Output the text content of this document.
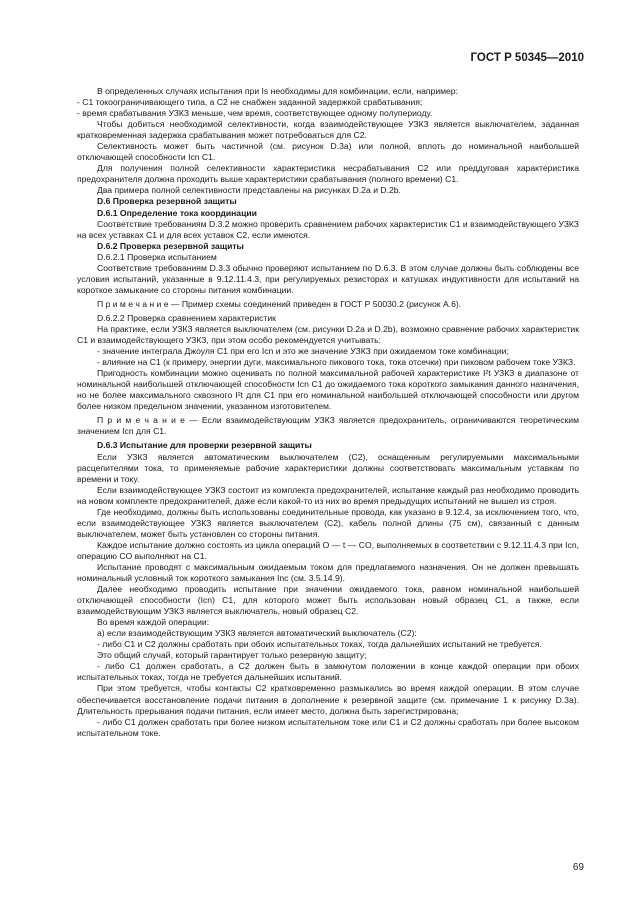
ГОСТ Р 50345—2010

В определенных случаях испытания при Is необходимы для комбинации, если, например:

- C1 токоограничивающего типа, а C2 не снабжен заданной задержкой срабатывания;

- время срабатывания УЗКЗ меньше, чем время, соответствующее одному полупериоду.

Чтобы добиться необходимой селективности, когда взаимодействующее УЗКЗ является выключателем, заданная кратковременная задержка срабатывания может потребоваться для C2.

Селективность может быть частичной (см. рисунок D.3a) или полной, вплоть до номинальной наибольшей отключающей способности Icn C1.

Для получения полной селективности характеристика несрабатывания C2 или преддуговая характеристика предохранителя должна проходить выше характеристики срабатывания (полного времени) C1.

Два примера полной селективности представлены на рисунках D.2a и D.2b.

D.6 Проверка резервной защиты

D.6.1 Определение тока координации

Соответствие требованиям D.3.2 можно проверить сравнением рабочих характеристик C1 и взаимодействующего УЗКЗ на всех уставках C1 и для всех уставок C2, если имеются.

D.6.2 Проверка резервной защиты

D.6.2.1 Проверка испытанием

Соответствие требованиям D.3.3 обычно проверяют испытанием по D.6.3. В этом случае должны быть соблюдены все условия испытаний, указанные в 9.12.11.4.3, при регулируемых резисторах и катушках индуктивности для испытаний на короткое замыкание со стороны питания комбинации.

П р и м е ч а н и е — Пример схемы соединений приведен в ГОСТ Р 50030.2 (рисунок А.6).

D.6.2.2 Проверка сравнением характеристик

На практике, если УЗКЗ является выключателем (см. рисунки D.2a и D.2b), возможно сравнение рабочих характеристик C1 и взаимодействующего УЗКЗ, при этом особо рекомендуется учитывать:

- значение интеграла Джоуля C1 при его Icn и это же значение УЗКЗ при ожидаемом токе комбинации;

- влияние на C1 (к примеру, энергии дуги, максимального пикового тока, тока отсечки) при пиковом рабочем токе УЗКЗ.

Пригодность комбинации можно оценивать по полной максимальной рабочей характеристике I²t УЗКЗ в диапазоне от номинальной наибольшей отключающей способности Icn C1 до ожидаемого тока короткого замыкания данного назначения, но не более максимального сквозного I²t для C1 при его номинальной наибольшей отключающей способности или другом более низком предельном значении, указанном изготовителем.

П р и м е ч а н и е — Если взаимодействующим УЗКЗ является предохранитель, ограничиваются теоретическим значением Icn для C1.

D.6.3 Испытание для проверки резервной защиты

Если УЗКЗ является автоматическим выключателем (C2), оснащенным регулируемыми максимальными расцепителями тока, то применяемые рабочие характеристики должны соответствовать максимальным уставкам по времени и току.

Если взаимодействующее УЗКЗ состоит из комплекта предохранителей, испытание каждый раз необходимо проводить на новом комплекте предохранителей, даже если какой-то из них во время предыдущих испытаний не вышел из строя.

Где необходимо, должны быть использованы соединительные провода, как указано в 9.12.4, за исключением того, что, если взаимодействующее УЗКЗ является выключателем (C2), кабель полной длины (75 см), связанный с данным выключателем, может быть установлен со стороны питания.

Каждое испытание должно состоять из цикла операций O — t — CO, выполняемых в соответствии с 9.12.11.4.3 при Icn, операцию CO выполняют на C1.

Испытание проводят с максимальным ожидаемым током для предлагаемого назначения. Он не должен превышать номинальный условный ток короткого замыкания Inc (см. 3.5.14.9).

Далее необходимо проводить испытание при значении ожидаемого тока, равном номинальной наибольшей отключающей способности (Icn) C1, для которого может быть использован новый образец C1, а также, если взаимодействующим УЗКЗ является выключатель, новый образец C2.

Во время каждой операции:

а) если взаимодействующим УЗКЗ является автоматический выключатель (C2):

- либо C1 и C2 должны сработать при обоих испытательных токах, тогда дальнейших испытаний не требуется.

Это общий случай, который гарантирует только резервную защиту;

- либо C1 должен сработать, а C2 должен быть в замкнутом положении в конце каждой операции при обоих испытательных токах, тогда не требуется дальнейших испытаний.

При этом требуется, чтобы контакты C2 кратковременно размыкались во время каждой операции. В этом случае обеспечивается восстановление подачи питания в дополнение к резервной защите (см. примечание 1 к рисунку D.3a). Длительность прерывания подачи питания, если имеет место, должна быть зарегистрирована;

- либо C1 должен сработать при более низком испытательном токе или C1 и C2 должны сработать при более высоком испытательном токе.

69
